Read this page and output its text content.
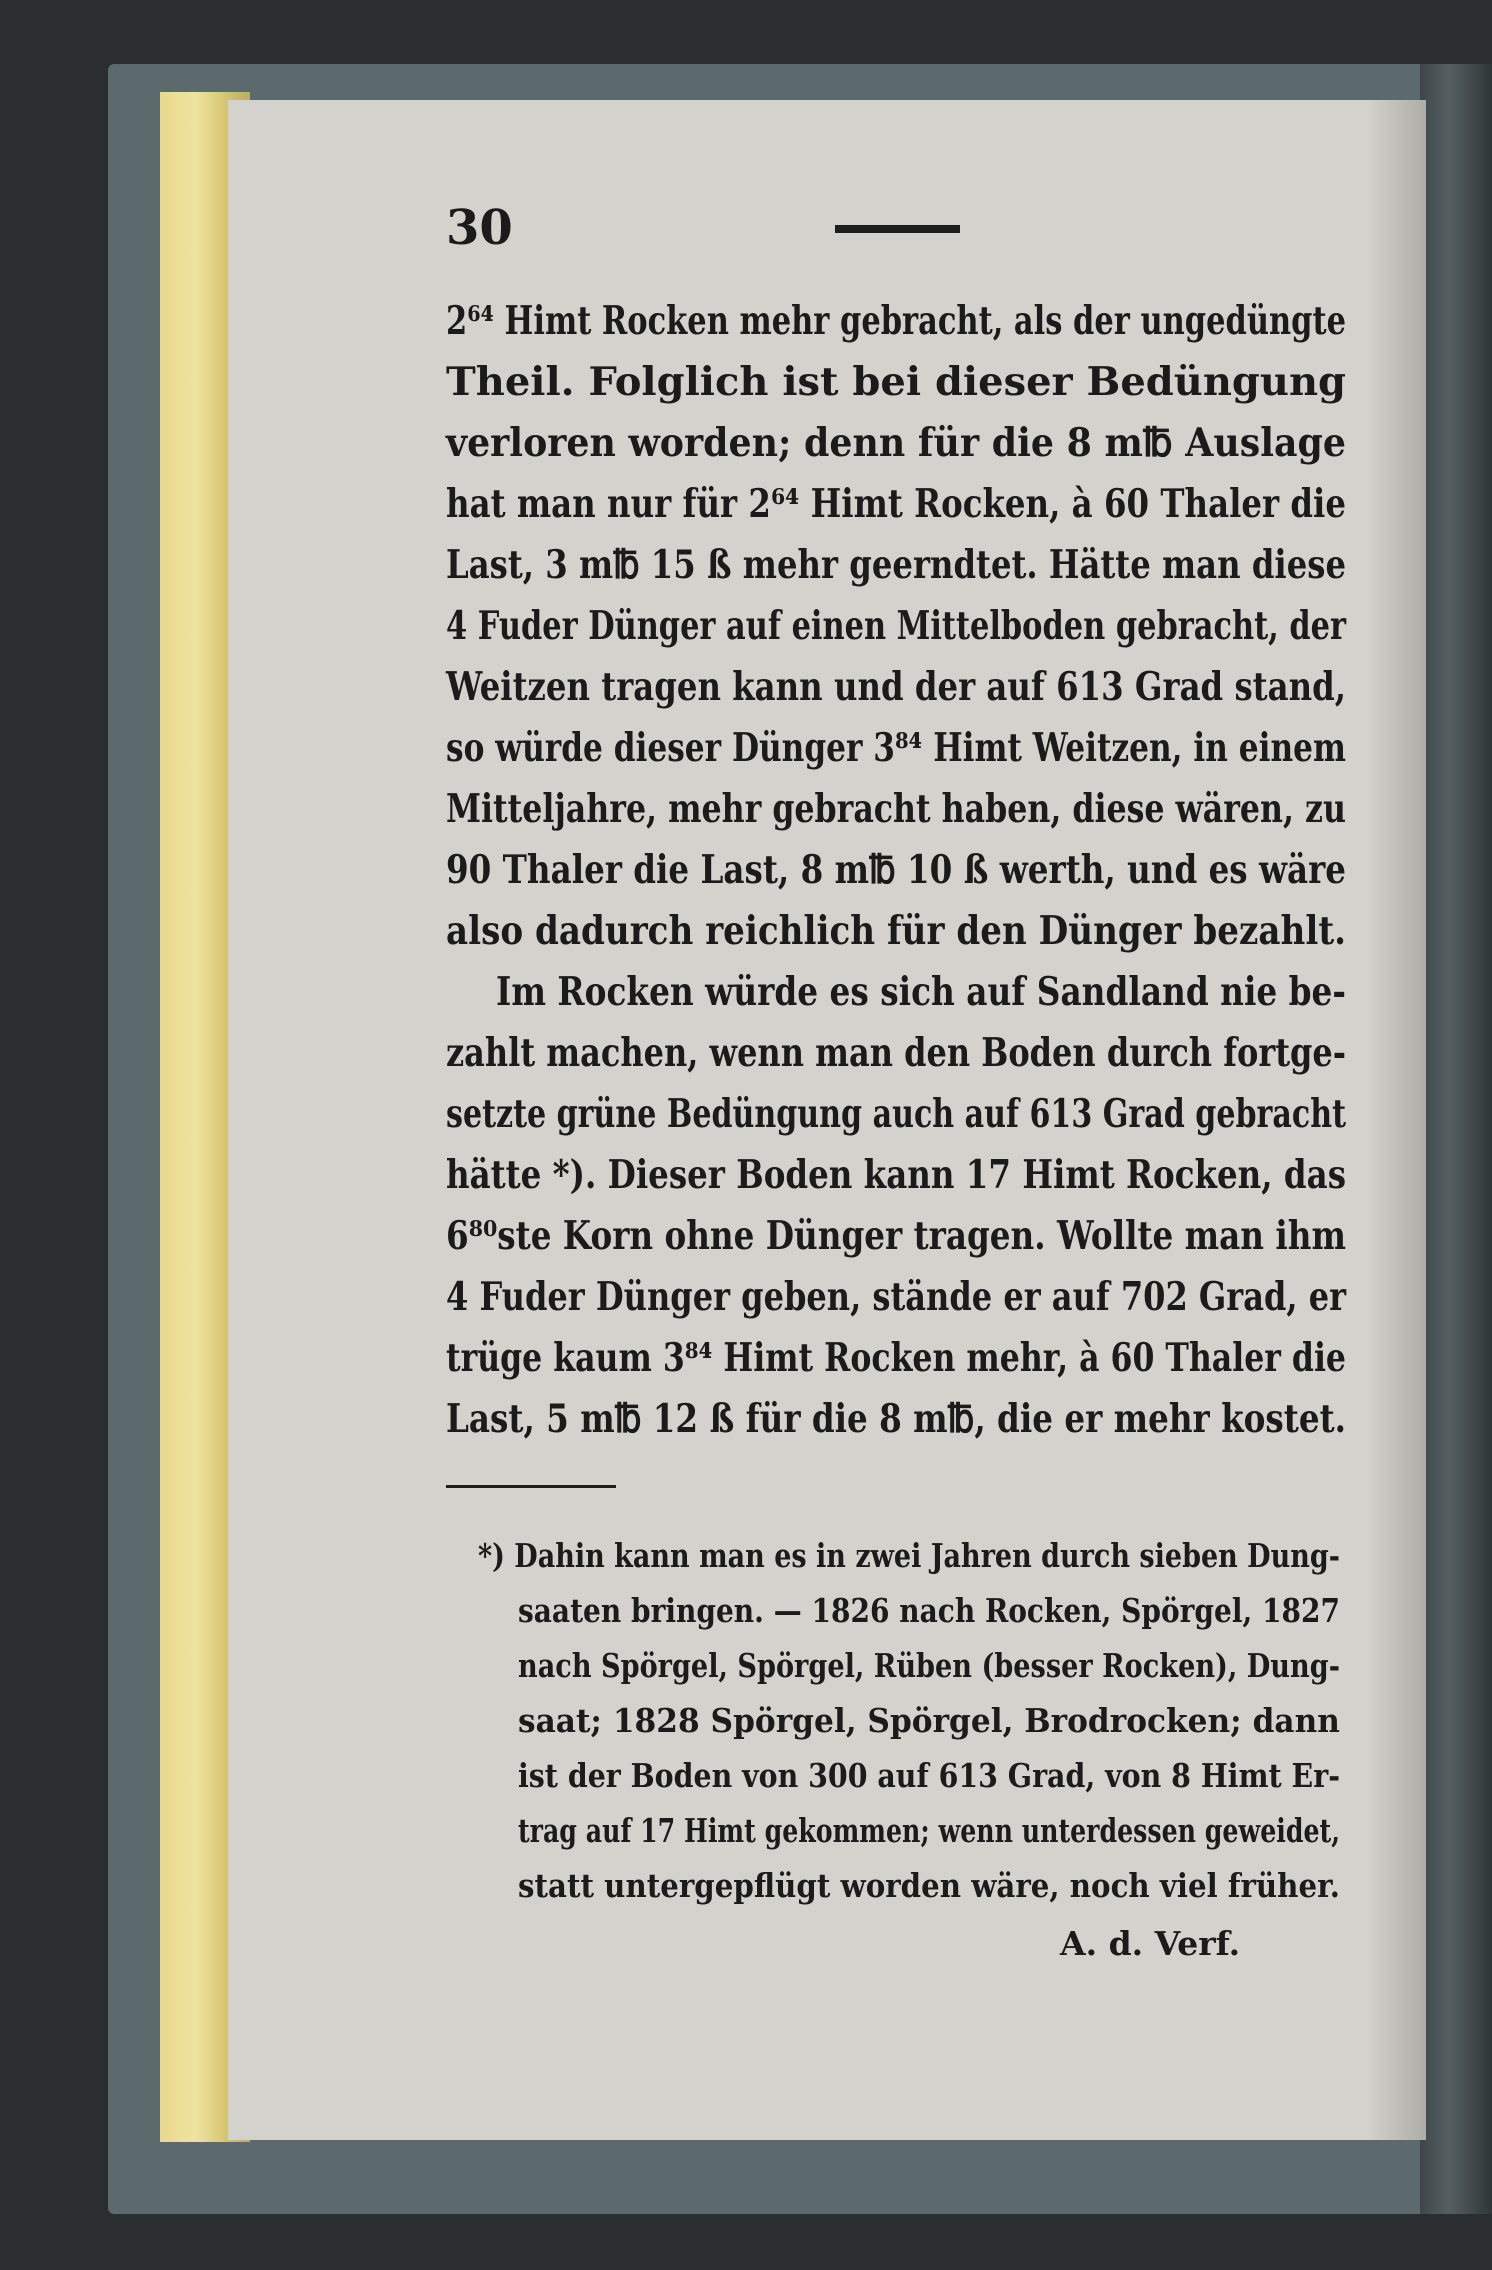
30
2⁶⁴ Himt Rocken mehr gebracht, als der ungedüngte
Theil. Folglich ist bei dieser Bedüngung
verloren worden; denn für die 8 m℔ Auslage
hat man nur für 2⁶⁴ Himt Rocken, à 60 Thaler die
Last, 3 m℔ 15 ß mehr geerndtet. Hätte man diese
4 Fuder Dünger auf einen Mittelboden gebracht, der
Weitzen tragen kann und der auf 613 Grad stand,
so würde dieser Dünger 3⁸⁴ Himt Weitzen, in einem
Mitteljahre, mehr gebracht haben, diese wären, zu
90 Thaler die Last, 8 m℔ 10 ß werth, und es wäre
also dadurch reichlich für den Dünger bezahlt.
Im Rocken würde es sich auf Sandland nie be-
zahlt machen, wenn man den Boden durch fortge-
setzte grüne Bedüngung auch auf 613 Grad gebracht
hätte *). Dieser Boden kann 17 Himt Rocken, das
6⁸⁰ste Korn ohne Dünger tragen. Wollte man ihm
4 Fuder Dünger geben, stände er auf 702 Grad, er
trüge kaum 3⁸⁴ Himt Rocken mehr, à 60 Thaler die
Last, 5 m℔ 12 ß für die 8 m℔, die er mehr kostet.
*) Dahin kann man es in zwei Jahren durch sieben Dung-
saaten bringen. — 1826 nach Rocken, Spörgel, 1827
nach Spörgel, Spörgel, Rüben (besser Rocken), Dung-
saat; 1828 Spörgel, Spörgel, Brodrocken; dann
ist der Boden von 300 auf 613 Grad, von 8 Himt Er-
trag auf 17 Himt gekommen; wenn unterdessen geweidet,
statt untergepflügt worden wäre, noch viel früher.
A. d. Verf.
